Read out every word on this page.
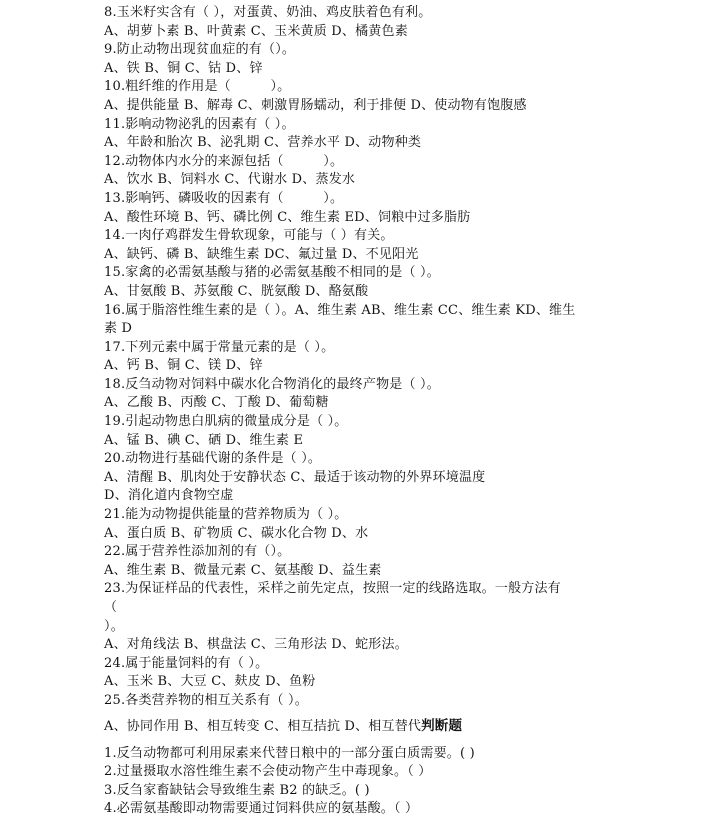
8.玉米籽实含有（ ），对蛋黄、奶油、鸡皮肤着色有利。
A、胡萝卜素 B、叶黄素 C、玉米黄质 D、橘黄色素
9.防止动物出现贫血症的有（）。
A、铁 B、铜 C、钴 D、锌
10.粗纤维的作用是（　　　）。
A、提供能量 B、解毒 C、刺激胃肠蠕动，利于排便 D、使动物有饱腹感
11.影响动物泌乳的因素有（ ）。
A、年龄和胎次 B、泌乳期 C、营养水平 D、动物种类
12.动物体内水分的来源包括（　　　）。
A、饮水 B、饲料水 C、代谢水 D、蒸发水
13.影响钙、磷吸收的因素有（　　　）。
A、酸性环境 B、钙、磷比例 C、维生素 ED、饲粮中过多脂肪
14.一肉仔鸡群发生骨软现象，可能与（ ）有关。
A、缺钙、磷 B、缺维生素 DC、氟过量 D、不见阳光
15.家禽的必需氨基酸与猪的必需氨基酸不相同的是（ ）。
A、甘氨酸 B、苏氨酸 C、胱氨酸 D、酪氨酸
16.属于脂溶性维生素的是（ ）。A、维生素 AB、维生素 CC、维生素 KD、维生
素 D
17.下列元素中属于常量元素的是（ ）。
A、钙 B、铜 C、镁 D、锌
18.反刍动物对饲料中碳水化合物消化的最终产物是（ ）。
A、乙酸 B、丙酸 C、丁酸 D、葡萄糖
19.引起动物患白肌病的微量成分是（ ）。
A、锰 B、碘 C、硒 D、维生素 E
20.动物进行基础代谢的条件是（ ）。
A、清醒 B、肌肉处于安静状态 C、最适于该动物的外界环境温度
D、消化道内食物空虚
21.能为动物提供能量的营养物质为（ ）。
A、蛋白质 B、矿物质 C、碳水化合物 D、水
22.属于营养性添加剂的有（）。
A、维生素 B、微量元素 C、氨基酸 D、益生素
23.为保证样品的代表性，采样之前先定点，按照一定的线路选取。一般方法有
（
）。
A、对角线法 B、棋盘法 C、三角形法 D、蛇形法。
24.属于能量饲料的有（ ）。
A、玉米 B、大豆 C、麸皮 D、鱼粉
25.各类营养物的相互关系有（ ）。
A、协同作用 B、相互转变 C、相互拮抗 D、相互替代判断题
1.反刍动物都可利用尿素来代替日粮中的一部分蛋白质需要。( )
2.过量摄取水溶性维生素不会使动物产生中毒现象。（ ）
3.反刍家畜缺钴会导致维生素 B2 的缺乏。( )
4.必需氨基酸即动物需要通过饲料供应的氨基酸。（ ）
